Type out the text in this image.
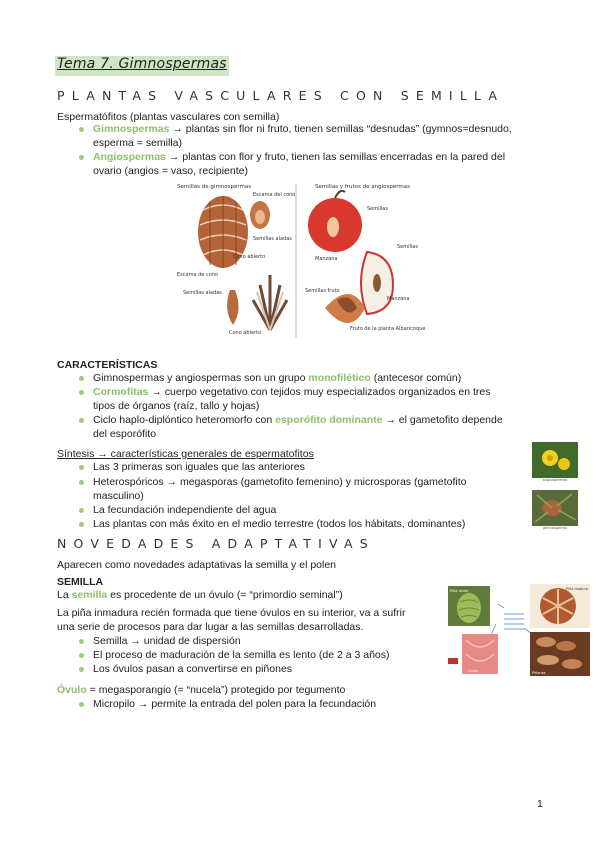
Tema 7. Gimnospermas
PLANTAS VASCULARES CON SEMILLA
Espermatófitos (plantas vasculares con semilla)
Gimnospermas → plantas sin flor ni fruto, tienen semillas “desnudas” (gymnos=desnudo,
esperma = semilla)
Angiospermas → plantas con flor y fruto, tienen las semillas encerradas en la pared del
ovario (angios = vaso, recipiente)
Semillas de gimnospermas
Escama del cono
Semillas aladas
Cono abierto
Escama de cono
Semillas aladas
Cono abierto
Semillas y frutos de angiospermas
Semillas
Manzana
Semillas
Manzana
Semillas fruto
Fruto de la planta Albaricoque
CARACTERÍSTICAS
Gimnospermas y angiospermas son un grupo monofilético (antecesor común)
Cormofitas → cuerpo vegetativo con tejidos muy especializados organizados en tres
tipos de órganos (raíz, tallo y hojas)
Ciclo haplo-diplóntico heteromorfo con esporófito dominante → el gametofito depende
del esporófito
Síntesis → características generales de espermatofitos
Las 3 primeras son iguales que las anteriores
Heterospóricos → megasporas (gametofito femenino) y microsporas (gametofito
masculino)
La fecundación independiente del agua
Las plantas con más éxito en el medio terrestre (todos los hábitats, dominantes)
angiospermas
gimnosperma
NOVEDADES ADAPTATIVAS
Aparecen como novedades adaptativas la semilla y el polen
SEMILLA
La semilla es procedente de un óvulo (= “primordio seminal”)
La piña inmadura recién formada que tiene óvulos en su interior, va a sufrir
una serie de procesos para dar lugar a las semillas desarrolladas.
Semilla → unidad de dispersión
El proceso de maduración de la semilla es lento (de 2 a 3 años)
Los óvulos pasan a convertirse en piñones
Piña verde	Piña madura
Óvulo	Piñones
Óvulo = megasporangio (= “nucela”) protegido por tegumento
Micropilo → permite la entrada del polen para la fecundación
1
